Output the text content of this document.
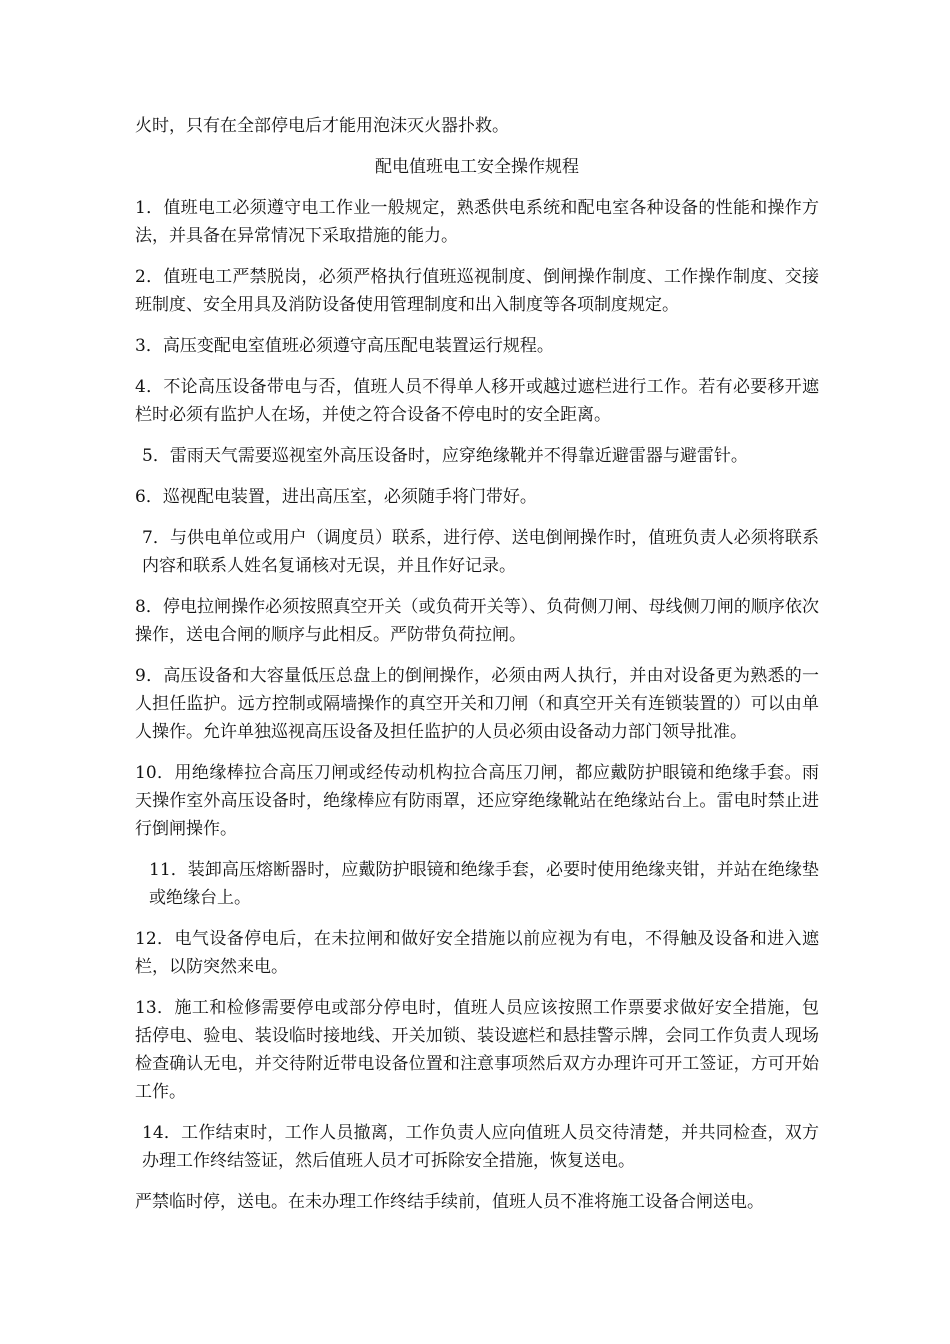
火时，只有在全部停电后才能用泡沫灭火器扑救。

配电值班电工安全操作规程

1．值班电工必须遵守电工作业一般规定，熟悉供电系统和配电室各种设备的性能和操作方法，并具备在异常情况下采取措施的能力。

2．值班电工严禁脱岗，必须严格执行值班巡视制度、倒闸操作制度、工作操作制度、交接班制度、安全用具及消防设备使用管理制度和出入制度等各项制度规定。

3．高压变配电室值班必须遵守高压配电装置运行规程。

4．不论高压设备带电与否，值班人员不得单人移开或越过遮栏进行工作。若有必要移开遮栏时必须有监护人在场，并使之符合设备不停电时的安全距离。

5．雷雨天气需要巡视室外高压设备时，应穿绝缘靴并不得靠近避雷器与避雷针。

6．巡视配电装置，进出高压室，必须随手将门带好。

7．与供电单位或用户（调度员）联系，进行停、送电倒闸操作时，值班负责人必须将联系内容和联系人姓名复诵核对无误，并且作好记录。

8．停电拉闸操作必须按照真空开关（或负荷开关等）、负荷侧刀闸、母线侧刀闸的顺序依次操作，送电合闸的顺序与此相反。严防带负荷拉闸。

9．高压设备和大容量低压总盘上的倒闸操作，必须由两人执行，并由对设备更为熟悉的一人担任监护。远方控制或隔墙操作的真空开关和刀闸（和真空开关有连锁装置的）可以由单人操作。允许单独巡视高压设备及担任监护的人员必须由设备动力部门领导批准。

10．用绝缘棒拉合高压刀闸或经传动机构拉合高压刀闸，都应戴防护眼镜和绝缘手套。雨天操作室外高压设备时，绝缘棒应有防雨罩，还应穿绝缘靴站在绝缘站台上。雷电时禁止进行倒闸操作。

11．装卸高压熔断器时，应戴防护眼镜和绝缘手套，必要时使用绝缘夹钳，并站在绝缘垫或绝缘台上。

12．电气设备停电后，在未拉闸和做好安全措施以前应视为有电，不得触及设备和进入遮栏，以防突然来电。

13．施工和检修需要停电或部分停电时，值班人员应该按照工作票要求做好安全措施，包括停电、验电、装设临时接地线、开关加锁、装设遮栏和悬挂警示牌，会同工作负责人现场检查确认无电，并交待附近带电设备位置和注意事项然后双方办理许可开工签证，方可开始工作。

14．工作结束时，工作人员撤离，工作负责人应向值班人员交待清楚，并共同检查，双方办理工作终结签证，然后值班人员才可拆除安全措施，恢复送电。

严禁临时停，送电。在未办理工作终结手续前，值班人员不准将施工设备合闸送电。
